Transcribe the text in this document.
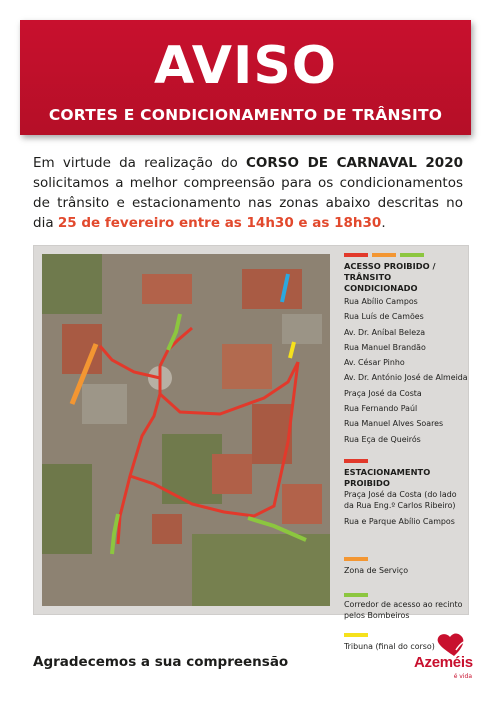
AVISO
CORTES E CONDICIONAMENTO DE TRÂNSITO

Em virtude da realização do CORSO DE CARNAVAL 2020 solicitamos a melhor compreensão para os condicionamentos de trânsito e estacionamento nas zonas abaixo descritas no dia 25 de fevereiro entre as 14h30 e as 18h30.

ACESSO PROIBIDO / TRÂNSITO CONDICIONADO
Rua Abílio Campos
Rua Luís de Camões
Av. Dr. Aníbal Beleza
Rua Manuel Brandão
Av. César Pinho
Av. Dr. António José de Almeida
Praça José da Costa
Rua Fernando Paúl
Rua Manuel Alves Soares
Rua Eça de Queirós
ESTACIONAMENTO PROIBIDO
Praça José da Costa (do lado da Rua Eng.º Carlos Ribeiro)
Rua e Parque Abílio Campos
Zona de Serviço
Corredor de acesso ao recinto pelos Bombeiros
Tribuna (final do corso)
Agradecemos a sua compreensão	Azeméis
é vida
